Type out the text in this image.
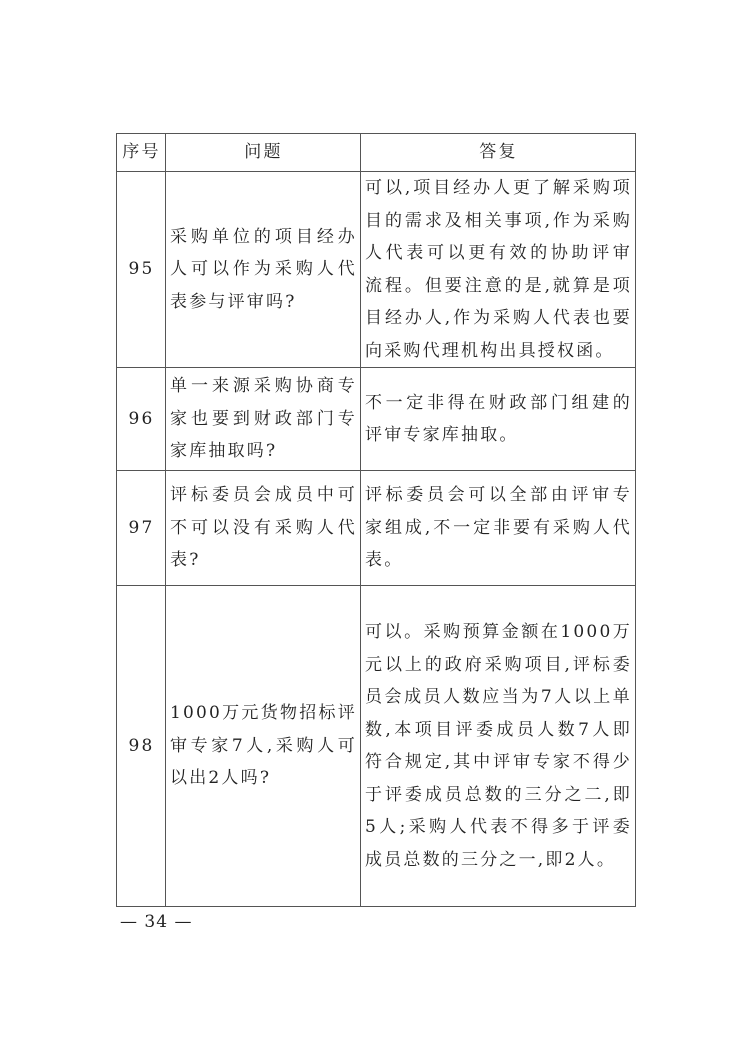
序号	问题	答复
95	采购单位的项目经办人可以作为采购人代表参与评审吗?	可以,项目经办人更了解采购项目的需求及相关事项,作为采购人代表可以更有效的协助评审流程。但要注意的是,就算是项目经办人,作为采购人代表也要向采购代理机构出具授权函。
96	单一来源采购协商专家也要到财政部门专家库抽取吗?	不一定非得在财政部门组建的评审专家库抽取。
97	评标委员会成员中可不可以没有采购人代表?	评标委员会可以全部由评审专家组成,不一定非要有采购人代表。
98	1000万元货物招标评审专家7人,采购人可以出2人吗?	可以。采购预算金额在1000万元以上的政府采购项目,评标委员会成员人数应当为7人以上单数,本项目评委成员人数7人即符合规定,其中评审专家不得少于评委成员总数的三分之二,即5人;采购人代表不得多于评委成员总数的三分之一,即2人。
— 34 —
